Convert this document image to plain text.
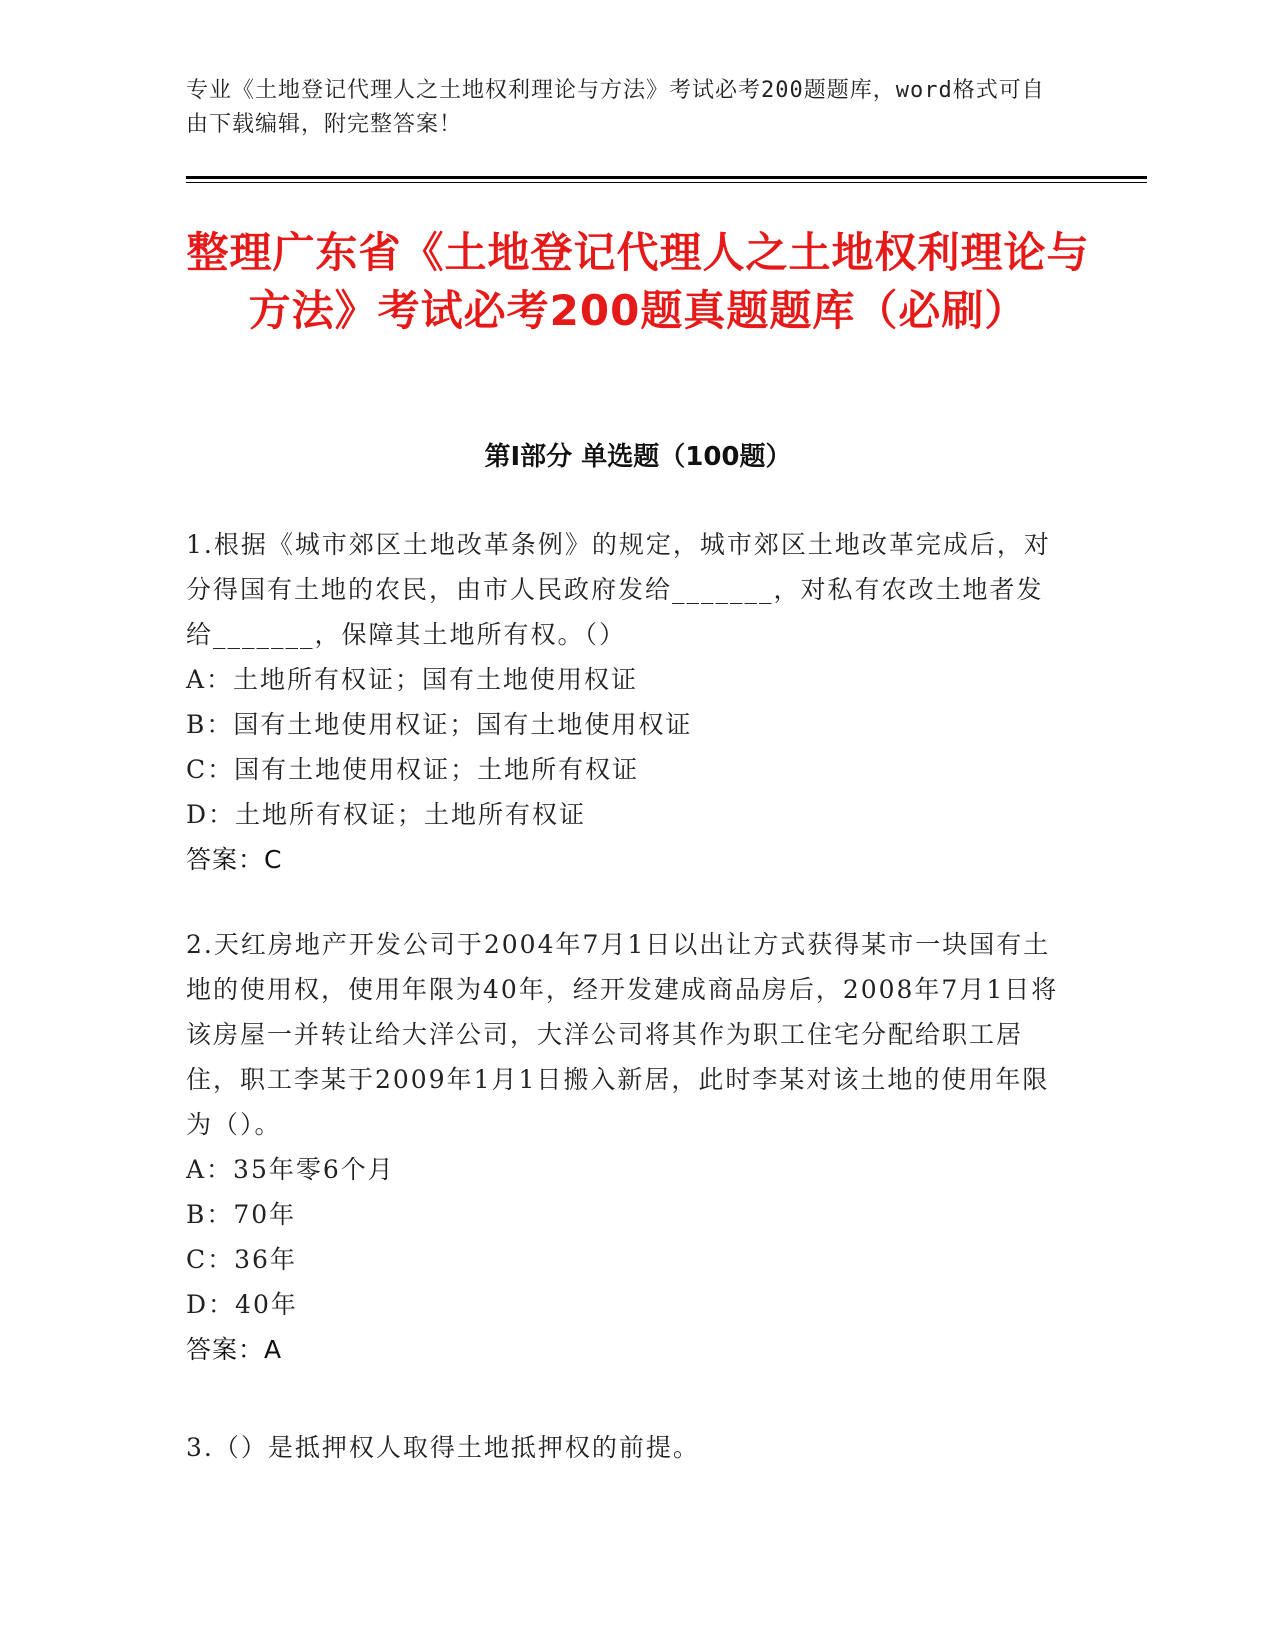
专业《土地登记代理人之土地权利理论与方法》考试必考200题题库，word格式可自由下载编辑，附完整答案！
整理广东省《土地登记代理人之土地权利理论与方法》考试必考200题真题题库（必刷）
第Ⅰ部分 单选题（100题）
1.根据《城市郊区土地改革条例》的规定，城市郊区土地改革完成后，对分得国有土地的农民，由市人民政府发给_______，对私有农改土地者发给_______，保障其土地所有权。（）
A：土地所有权证；国有土地使用权证
B：国有土地使用权证；国有土地使用权证
C：国有土地使用权证；土地所有权证
D：土地所有权证；土地所有权证
答案：C
2.天红房地产开发公司于2004年7月1日以出让方式获得某市一块国有土地的使用权，使用年限为40年，经开发建成商品房后，2008年7月1日将该房屋一并转让给大洋公司，大洋公司将其作为职工住宅分配给职工居住，职工李某于2009年1月1日搬入新居，此时李某对该土地的使用年限为（）。
A：35年零6个月
B：70年
C：36年
D：40年
答案：A
3.（）是抵押权人取得土地抵押权的前提。
